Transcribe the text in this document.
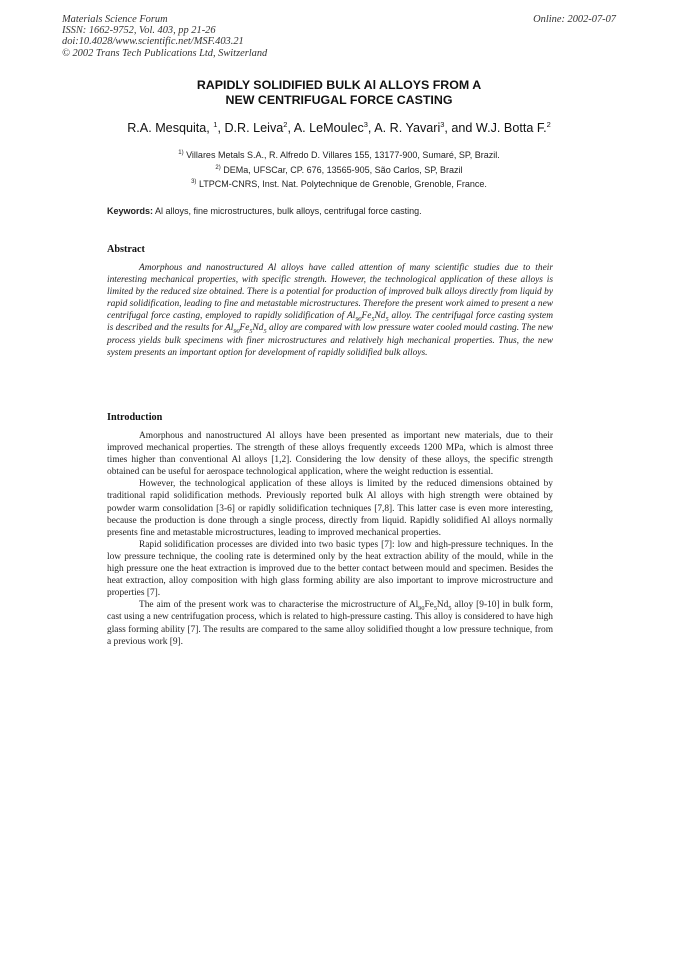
Materials Science Forum
ISSN: 1662-9752, Vol. 403, pp 21-26
doi:10.4028/www.scientific.net/MSF.403.21
© 2002 Trans Tech Publications Ltd, Switzerland
Online: 2002-07-07
RAPIDLY SOLIDIFIED BULK Al ALLOYS FROM A
NEW CENTRIFUGAL FORCE CASTING
R.A. Mesquita, $^1$, D.R. Leiva$^2$, A. LeMoulec$^3$, A. R. Yavari$^3$, and W.J. Botta F.$^2$
$^{1)}$ Villares Metals S.A., R. Alfredo D. Villares 155, 13177-900, Sumaré, SP, Brazil.
$^{2)}$ DEMa, UFSCar, CP. 676, 13565-905, São Carlos, SP, Brazil
$^{3)}$ LTPCM-CNRS, Inst. Nat. Polytechnique de Grenoble, Grenoble, France.
Keywords: Al alloys, fine microstructures, bulk alloys, centrifugal force casting.
Abstract

Amorphous and nanostructured Al alloys have called attention of many scientific studies due to their interesting mechanical properties, with specific strength. However, the technological application of these alloys is limited by the reduced size obtained. There is a potential for production of improved bulk alloys directly from liquid by rapid solidification, leading to fine and metastable microstructures. Therefore the present work aimed to present a new centrifugal force casting, employed to rapidly solidification of $Al_{90}Fe_5Nd_5$ alloy. The centrifugal force casting system is described and the results for $Al_{90}Fe_5Nd_5$ alloy are compared with low pressure water cooled mould casting. The new process yields bulk specimens with finer microstructures and relatively high mechanical properties. Thus, the new system presents an important option for development of rapidly solidified bulk alloys.

Introduction

Amorphous and nanostructured Al alloys have been presented as important new materials, due to their improved mechanical properties. The strength of these alloys frequently exceeds 1200 MPa, which is almost three times higher than conventional Al alloys [1,2]. Considering the low density of these alloys, the specific strength obtained can be useful for aerospace technological application, where the weight reduction is essential.

However, the technological application of these alloys is limited by the reduced dimensions obtained by traditional rapid solidification methods. Previously reported bulk Al alloys with high strength were obtained by powder warm consolidation [3-6] or rapidly solidification techniques [7,8]. This latter case is even more interesting, because the production is done through a single process, directly from liquid. Rapidly solidified Al alloys normally presents fine and metastable microstructures, leading to improved mechanical properties.

Rapid solidification processes are divided into two basic types [7]: low and high-pressure techniques. In the low pressure technique, the cooling rate is determined only by the heat extraction ability of the mould, while in the high pressure one the heat extraction is improved due to the better contact between mould and specimen. Besides the heat extraction, alloy composition with high glass forming ability are also important to improve microstructure and properties [7].

The aim of the present work was to characterise the microstructure of $Al_{90}Fe_5Nd_5$ alloy [9-10] in bulk form, cast using a new centrifugation process, which is related to high-pressure casting. This alloy is considered to have high glass forming ability [7]. The results are compared to the same alloy solidified thought a low pressure technique, from a previous work [9].
